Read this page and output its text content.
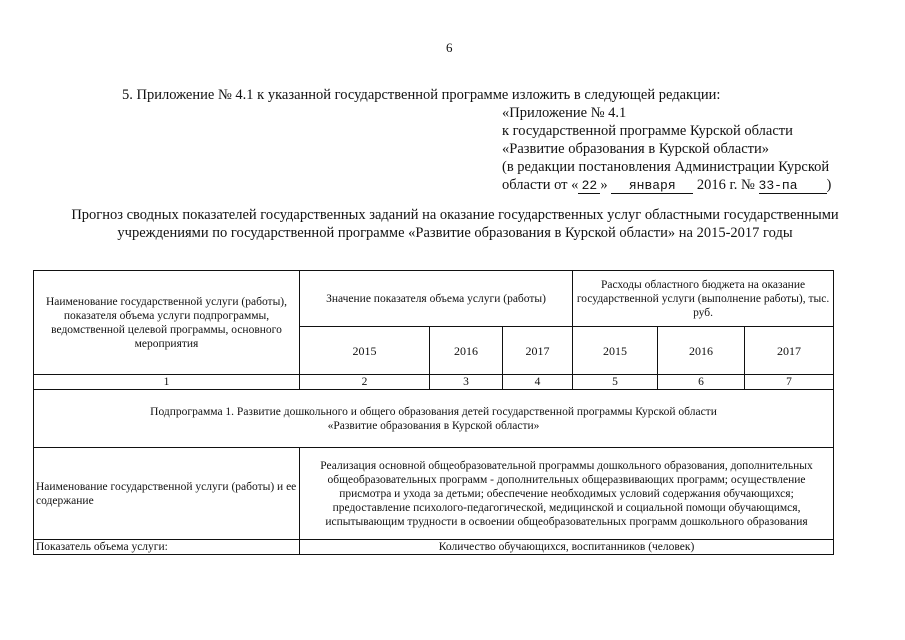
6
5. Приложение № 4.1 к указанной государственной программе изложить в следующей редакции:
«Приложение № 4.1
к государственной программе Курской области
«Развитие образования в Курской области»
(в редакции постановления Администрации Курской
области от « 22 » января 2016 г. № 33-па )
Прогноз сводных показателей государственных заданий на оказание государственных услуг областными государственными учреждениями по государственной программе «Развитие образования в Курской области» на 2015-2017 годы
Наименование государственной услуги (работы), показателя объема услуги подпрограммы, ведомственной целевой программы, основного мероприятия	Значение показателя объема услуги (работы)			Расходы областного бюджета на оказание государственной услуги (выполнение работы), тыс. руб.		
	2015	2016	2017	2015	2016	2017
1	2	3	4	5	6	7
Подпрограмма 1. Развитие дошкольного и общего образования детей государственной программы Курской области «Развитие образования в Курской области»						
Наименование государственной услуги (работы) и ее содержание	Реализация основной общеобразовательной программы дошкольного образования, дополнительных общеобразовательных программ - дополнительных общеразвивающих программ; осуществление присмотра и ухода за детьми; обеспечение необходимых условий содержания обучающихся; предоставление психолого-педагогической, медицинской и социальной помощи обучающимся, испытывающим трудности в освоении общеобразовательных программ дошкольного образования					
Показатель объема услуги:	Количество обучающихся, воспитанников (человек)					
